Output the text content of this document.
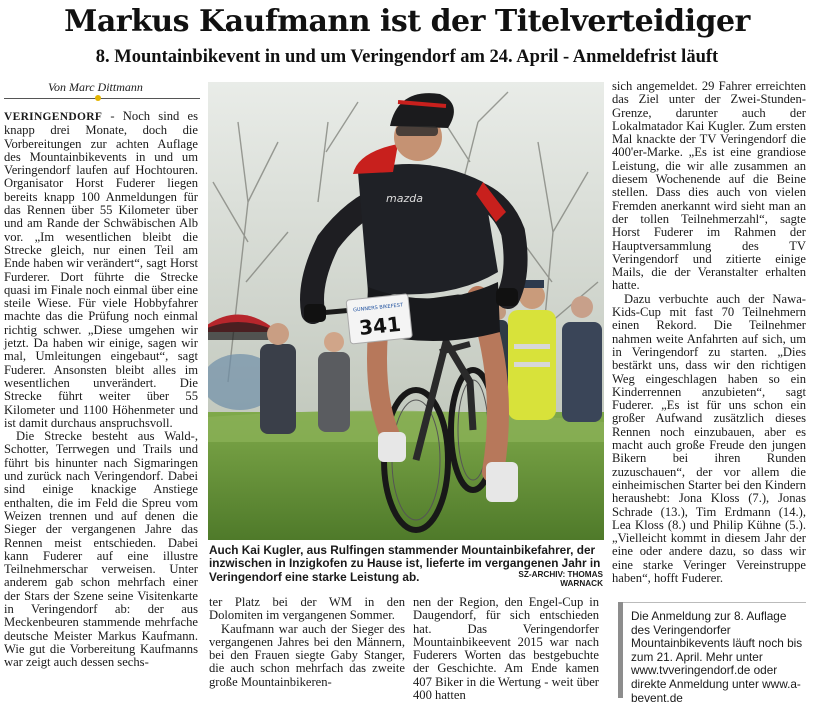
Markus Kaufmann ist der Titelverteidiger
8. Mountainbikevent in und um Veringendorf am 24. April - Anmeldefrist läuft
Von Marc Dittmann

VERINGENDORF - Noch sind es knapp drei Monate, doch die Vorbereitungen zur achten Auflage des Mountainbikevents in und um Veringendorf laufen auf Hochtouren. Organisator Horst Fuderer liegen bereits knapp 100 Anmeldungen für das Rennen über 55 Kilometer über und am Rande der Schwäbischen Alb vor. „Im wesentlichen bleibt die Strecke gleich, nur einen Teil am Ende haben wir verändert“, sagt Horst Furderer. Dort führte die Strecke quasi im Finale noch einmal über eine steile Wiese. Für viele Hobbyfahrer machte das die Prüfung noch einmal richtig schwer. „Diese umgehen wir jetzt. Da haben wir einige, sagen wir mal, Umleitungen eingebaut“, sagt Fuderer. Ansonsten bleibt alles im wesentlichen unverändert. Die Strecke führt weiter über 55 Kilometer und 1100 Höhenmeter und ist damit durchaus anspruchsvoll.

Die Strecke besteht aus Wald-, Schotter, Terrwegen und Trails und führt bis hinunter nach Sigmaringen und zurück nach Veringendorf. Dabei sind einige knackige Anstiege enthalten, die im Feld die Spreu vom Weizen trennen und auf denen die Sieger der vergangenen Jahre das Rennen meist entschieden. Dabei kann Fuderer auf eine illustre Teilnehmerschar verweisen. Unter anderem gab schon mehrfach einer der Stars der Szene seine Visitenkarte in Veringendorf ab: der aus Meckenbeuren stammende mehrfache deutsche Meister Markus Kaufmann. Wie gut die Vorbereitung Kaufmanns war zeigt auch dessen sechs-

mazda
GUNNERS BIKEFEST
341

Auch Kai Kugler, aus Rulfingen stammender Mountainbikefahrer, der inzwischen in Inzigkofen zu Hause ist, lieferte im vergangenen Jahr in Veringendorf eine starke Leistung ab.	SZ-ARCHIV: THOMAS WARNACK

ter Platz bei der WM in den Dolomiten im vergangenen Sommer.

Kaufmann war auch der Sieger des vergangenen Jahres bei den Männern, bei den Frauen siegte Gaby Stanger, die auch schon mehrfach das zweite große Mountainbikeren-

nen der Region, den Engel-Cup in Daugendorf, für sich entschieden hat. Das Veringendorfer Mountainbikeevent 2015 war nach Fuderers Worten das bestgebuchte der Geschichte. Am Ende kamen 407 Biker in die Wertung - weit über 400 hatten

sich angemeldet. 29 Fahrer erreichten das Ziel unter der Zwei-Stunden-Grenze, darunter auch der Lokalmatador Kai Kugler. Zum ersten Mal knackte der TV Veringendorf die 400'er-Marke. „Es ist eine grandiose Leistung, die wir alle zusammen an diesem Wochenende auf die Beine stellen. Dass dies auch von vielen Fremden anerkannt wird sieht man an der tollen Teilnehmerzahl“, sagte Horst Fuderer im Rahmen der Hauptversammlung des TV Veringendorf und zitierte einige Mails, die der Veranstalter erhalten hatte.

Dazu verbuchte auch der Nawa-Kids-Cup mit fast 70 Teilnehmern einen Rekord. Die Teilnehmer nahmen weite Anfahrten auf sich, um in Veringendorf zu starten. „Dies bestärkt uns, dass wir den richtigen Weg eingeschlagen haben so ein Kinderrennen anzubieten“, sagt Fuderer. „Es ist für uns schon ein großer Aufwand zusätzlich dieses Rennen noch einzubauen, aber es macht auch große Freude den jungen Bikern bei ihren Runden zuzuschauen“, der vor allem die einheimischen Starter bei den Kindern heraushebt: Jona Kloss (7.), Jonas Schrade (13.), Tim Erdmann (14.), Lea Kloss (8.) und Philip Kühne (5.). „Vielleicht kommt in diesem Jahr der eine oder andere dazu, so dass wir eine starke Veringer Vereinstruppe haben“, hofft Fuderer.

Die Anmeldung zur 8. Auflage des Veringendorfer Mountainbikevents läuft noch bis zum 21. April. Mehr unter www.tvveringendorf.de oder direkte Anmeldung unter www.a-bevent.de
